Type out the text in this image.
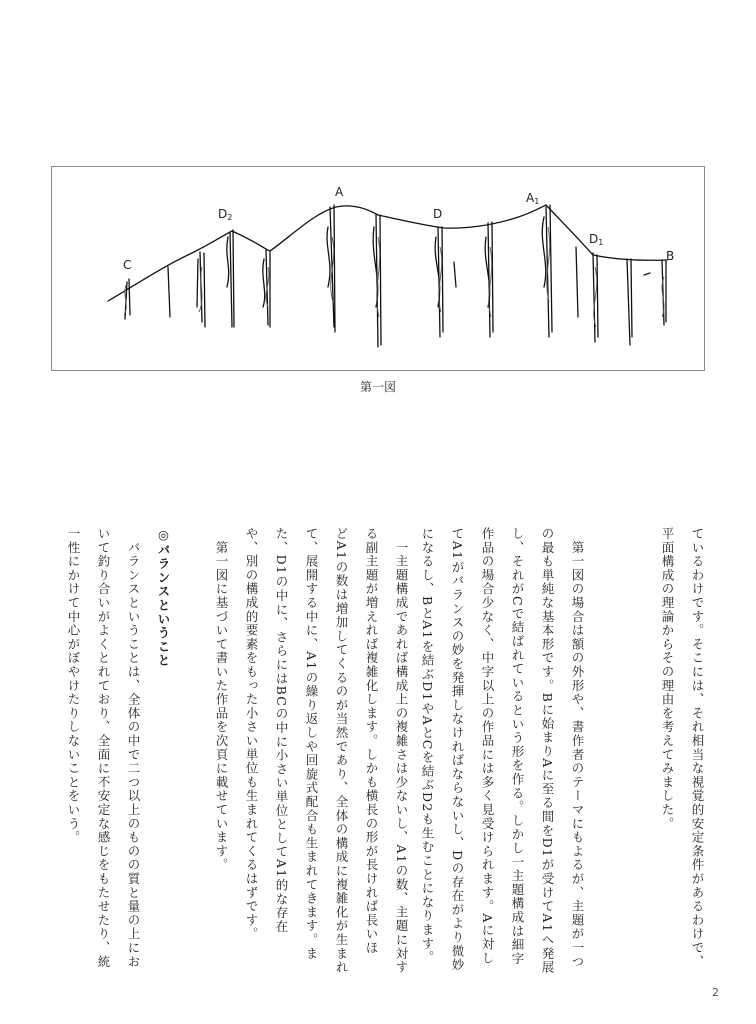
C
$D_2$
A
D
$A_1$
$D_1$
B
第一図
ているわけです。そこには、それ相当な視覚的安定条件があるわけで、
平面構成の理論からその理由を考えてみました。
　第一図の場合は額の外形や、書作者のテーマにもよるが、主題が一つ
の最も単純な基本形です。Bに始まりAに至る間をD1が受けてA1へ発展
し、それがCで結ばれているという形を作る。しかし一主題構成は細字
作品の場合少なく、中字以上の作品には多く見受けられます。Aに対し
てA1がバランスの妙を発揮しなければならないし、Dの存在がより微妙
になるし、BとA1を結ぶD1やAとCを結ぶD2も生むことになります。
　一主題構成であれば構成上の複雑さは少ないし、A1の数、主題に対す
る副主題が増えれば複雑化します。しかも横長の形が長ければ長いほ
どA1の数は増加してくるのが当然であり、全体の構成に複雑化が生まれ
て、展開する中に、A1の繰り返しや回旋式配合も生まれてきます。ま
た、D1の中に、さらにはBCの中に小さい単位としてA1的な存在
や、別の構成的要素をもった小さい単位も生まれてくるはずです。
　第一図に基づいて書いた作品を次頁に載せています。
◎バランスということ
　バランスということは、全体の中で二つ以上のものの質と量の上にお
いて釣り合いがよくとれており、全面に不安定な感じをもたせたり、統
一性にかけて中心がぼやけたりしないことをいう。
2
